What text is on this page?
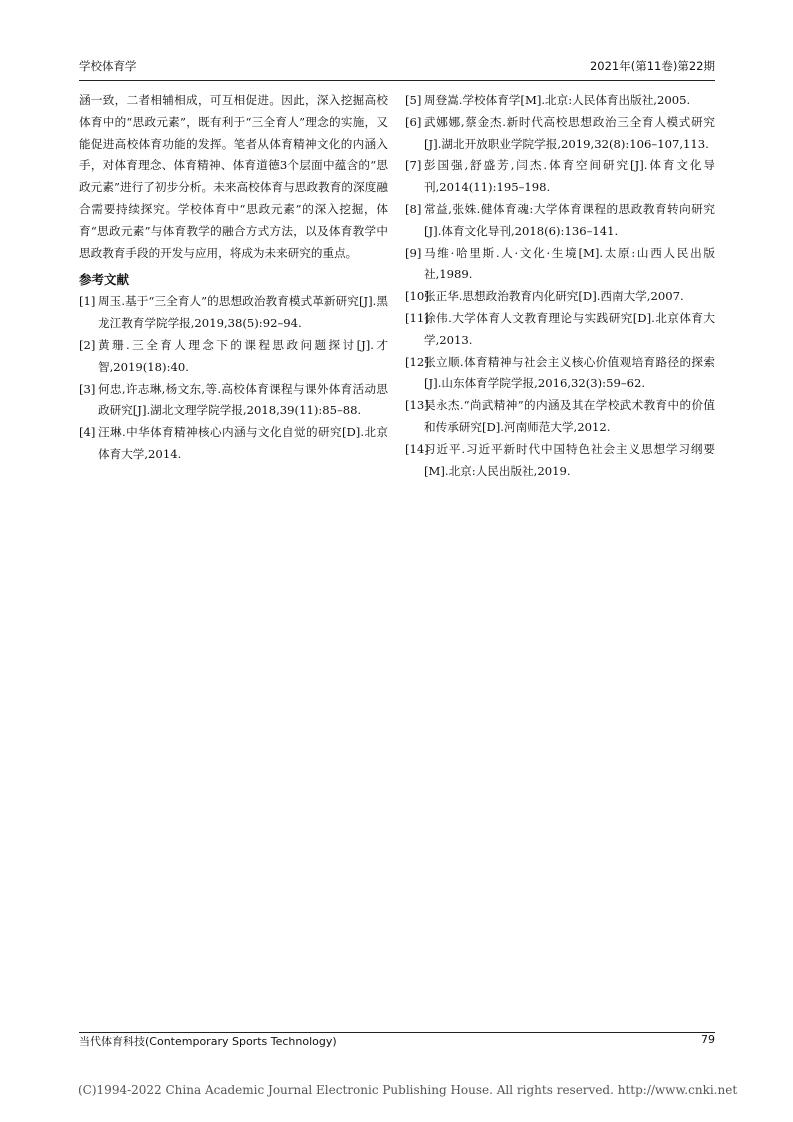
学校体育学	2021年(第11卷)第22期

涵一致，二者相辅相成，可互相促进。因此，深入挖掘高校体育中的“思政元素”，既有利于“三全育人”理念的实施，又能促进高校体育功能的发挥。笔者从体育精神文化的内涵入手，对体育理念、体育精神、体育道德3个层面中蕴含的“思政元素”进行了初步分析。未来高校体育与思政教育的深度融合需要持续探究。学校体育中“思政元素”的深入挖掘，体育“思政元素”与体育教学的融合方式方法，以及体育教学中思政教育手段的开发与应用，将成为未来研究的重点。

参考文献
[1] 周玉.基于“三全育人”的思想政治教育模式革新研究[J].黑龙江教育学院学报,2019,38(5):92–94.
[2] 黄珊.三全育人理念下的课程思政问题探讨[J].才智,2019(18):40.
[3] 何忠,许志琳,杨文东,等.高校体育课程与课外体育活动思政研究[J].湖北文理学院学报,2018,39(11):85–88.
[4] 汪琳.中华体育精神核心内涵与文化自觉的研究[D].北京体育大学,2014.
[5] 周登嵩.学校体育学[M].北京:人民体育出版社,2005.
[6] 武娜娜,蔡金杰.新时代高校思想政治三全育人模式研究[J].湖北开放职业学院学报,2019,32(8):106–107,113.
[7] 彭国强,舒盛芳,闫杰.体育空间研究[J].体育文化导刊,2014(11):195–198.
[8] 常益,张姝.健体育魂:大学体育课程的思政教育转向研究[J].体育文化导刊,2018(6):136–141.
[9] 马维·哈里斯.人·文化·生境[M].太原:山西人民出版社,1989.
[10]
张正华.思想政治教育内化研究[D].西南大学,2007.
[11]
徐伟.大学体育人文教育理论与实践研究[D].北京体育大学,2013.
[12]
张立顺.体育精神与社会主义核心价值观培育路径的探索[J].山东体育学院学报,2016,32(3):59–62.
[13]
吴永杰.“尚武精神”的内涵及其在学校武术教育中的价值和传承研究[D].河南师范大学,2012.
[14]
习近平.习近平新时代中国特色社会主义思想学习纲要[M].北京:人民出版社,2019.
当代体育科技(Contemporary Sports Technology)	79
(C)1994-2022 China Academic Journal Electronic Publishing House. All rights reserved. http://www.cnki.net
